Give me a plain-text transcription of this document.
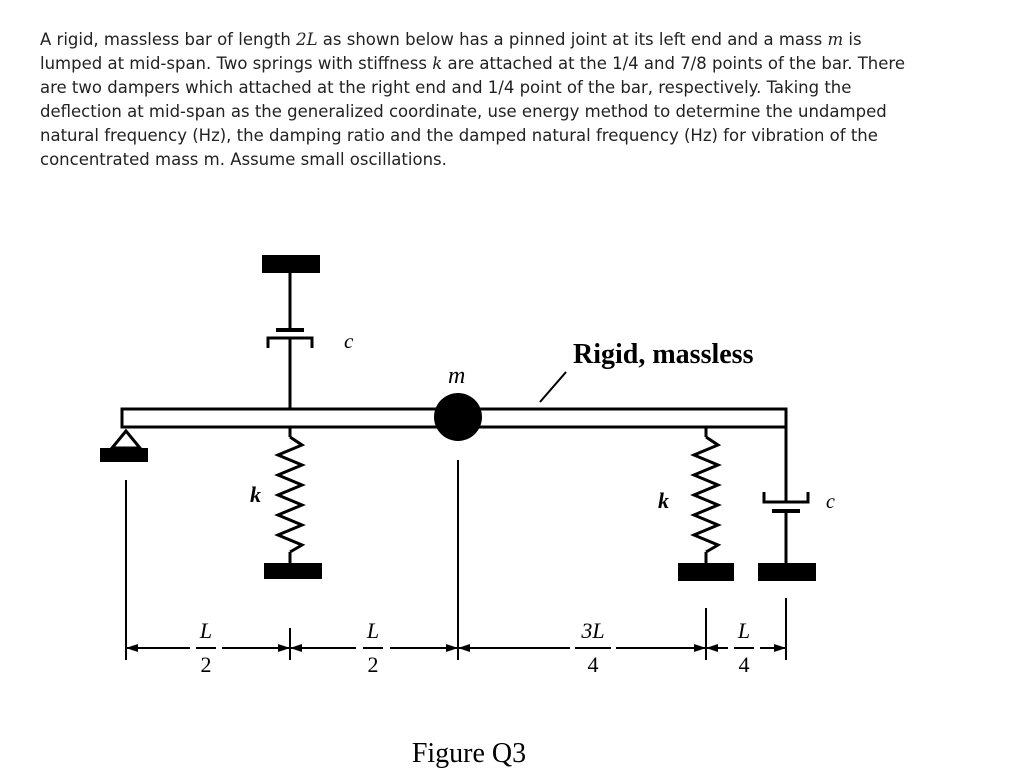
A rigid, massless bar of length 2L as shown below has a pinned joint at its left end and a mass m is lumped at mid-span. Two springs with stiffness k are attached at the 1/4 and 7/8 points of the bar. There are two dampers which attached at the right end and 1/4 point of the bar, respectively. Taking the deflection at mid-span as the generalized coordinate, use energy method to determine the undamped natural frequency (Hz), the damping ratio and the damped natural frequency (Hz) for vibration of the concentrated mass m. Assume small oscillations.

c
k
m
Rigid, massless
k	c
L
2
L
2
3L
4
L
4
Figure Q3
